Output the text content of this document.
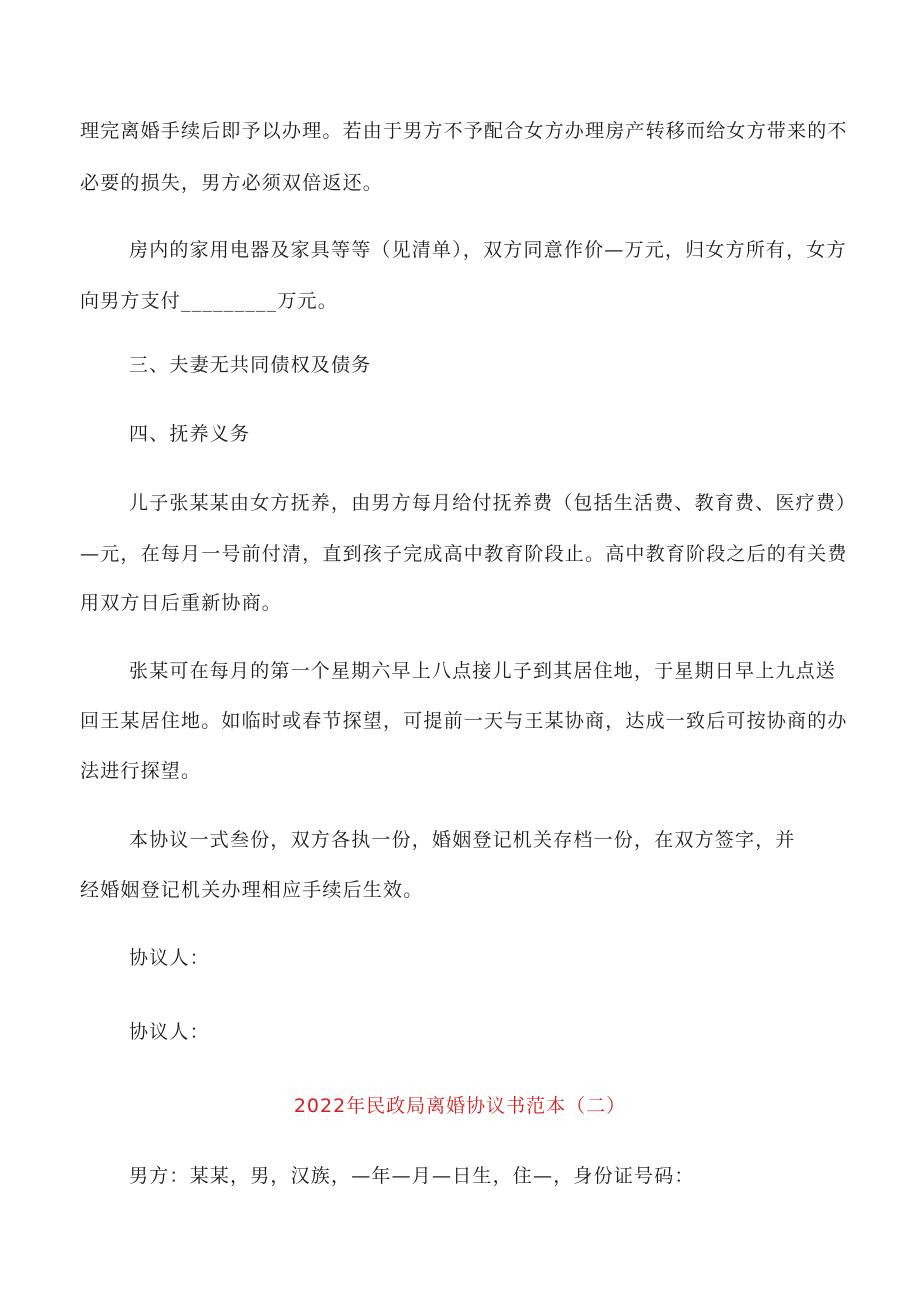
理完离婚手续后即予以办理。若由于男方不予配合女方办理房产转移而给女方带来的不
必要的损失，男方必须双倍返还。
房内的家用电器及家具等等（见清单），双方同意作价—万元，归女方所有，女方
向男方支付_________万元。
三、夫妻无共同债权及债务
四、抚养义务
儿子张某某由女方抚养，由男方每月给付抚养费（包括生活费、教育费、医疗费）
—元，在每月一号前付清，直到孩子完成高中教育阶段止。高中教育阶段之后的有关费
用双方日后重新协商。
张某可在每月的第一个星期六早上八点接儿子到其居住地，于星期日早上九点送
回王某居住地。如临时或春节探望，可提前一天与王某协商，达成一致后可按协商的办
法进行探望。
本协议一式叁份，双方各执一份，婚姻登记机关存档一份，在双方签字，并
经婚姻登记机关办理相应手续后生效。
协议人：
协议人：
2022年民政局离婚协议书范本（二）
男方：某某，男，汉族，—年—月—日生，住—，身份证号码：
